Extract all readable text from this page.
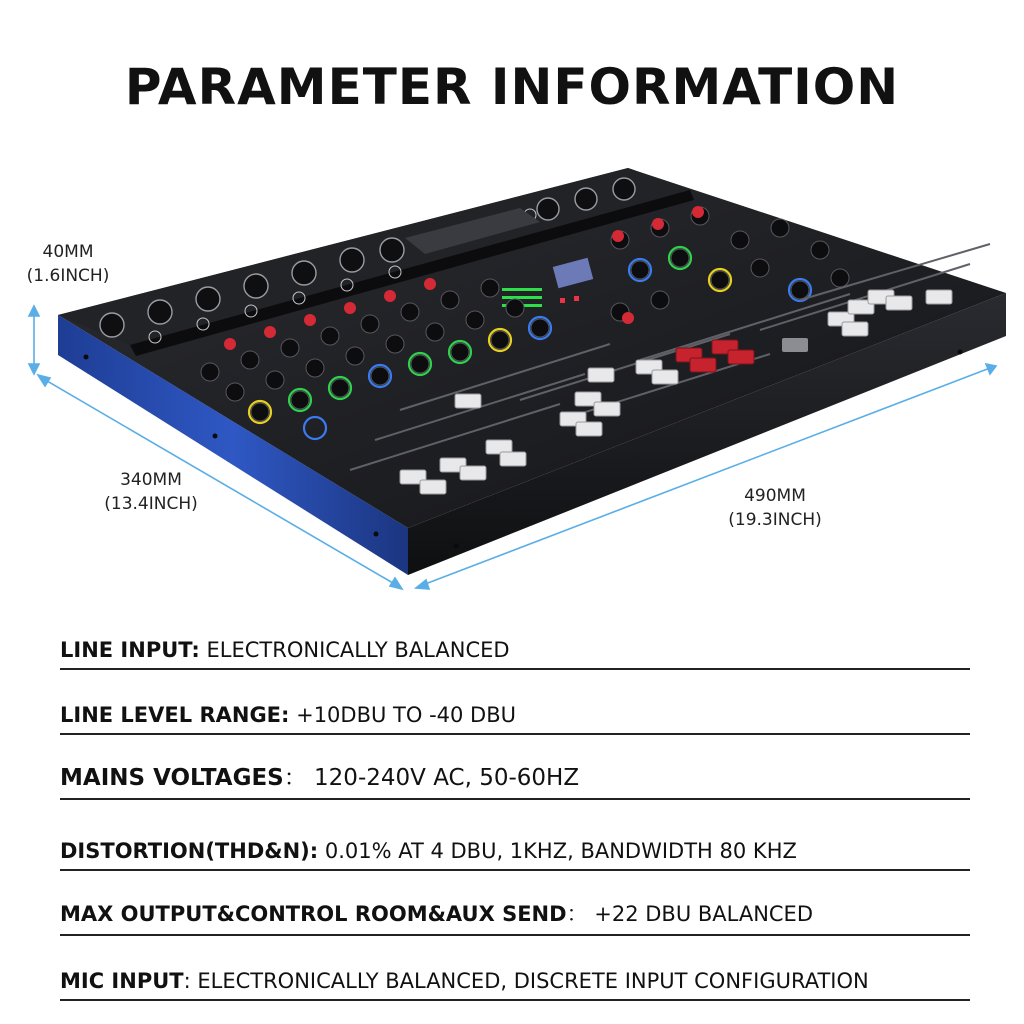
PARAMETER INFORMATION
40MM
(1.6INCH)
340MM
(13.4INCH)	490MM
(19.3INCH)
LINE INPUT: ELECTRONICALLY BALANCED
LINE LEVEL RANGE: +10DBU TO -40 DBU
MAINS VOLTAGES： 120-240V AC, 50-60HZ
DISTORTION(THD&N): 0.01% AT 4 DBU, 1KHZ, BANDWIDTH 80 KHZ
MAX OUTPUT&CONTROL ROOM&AUX SEND： +22 DBU BALANCED
MIC INPUT: ELECTRONICALLY BALANCED, DISCRETE INPUT CONFIGURATION
